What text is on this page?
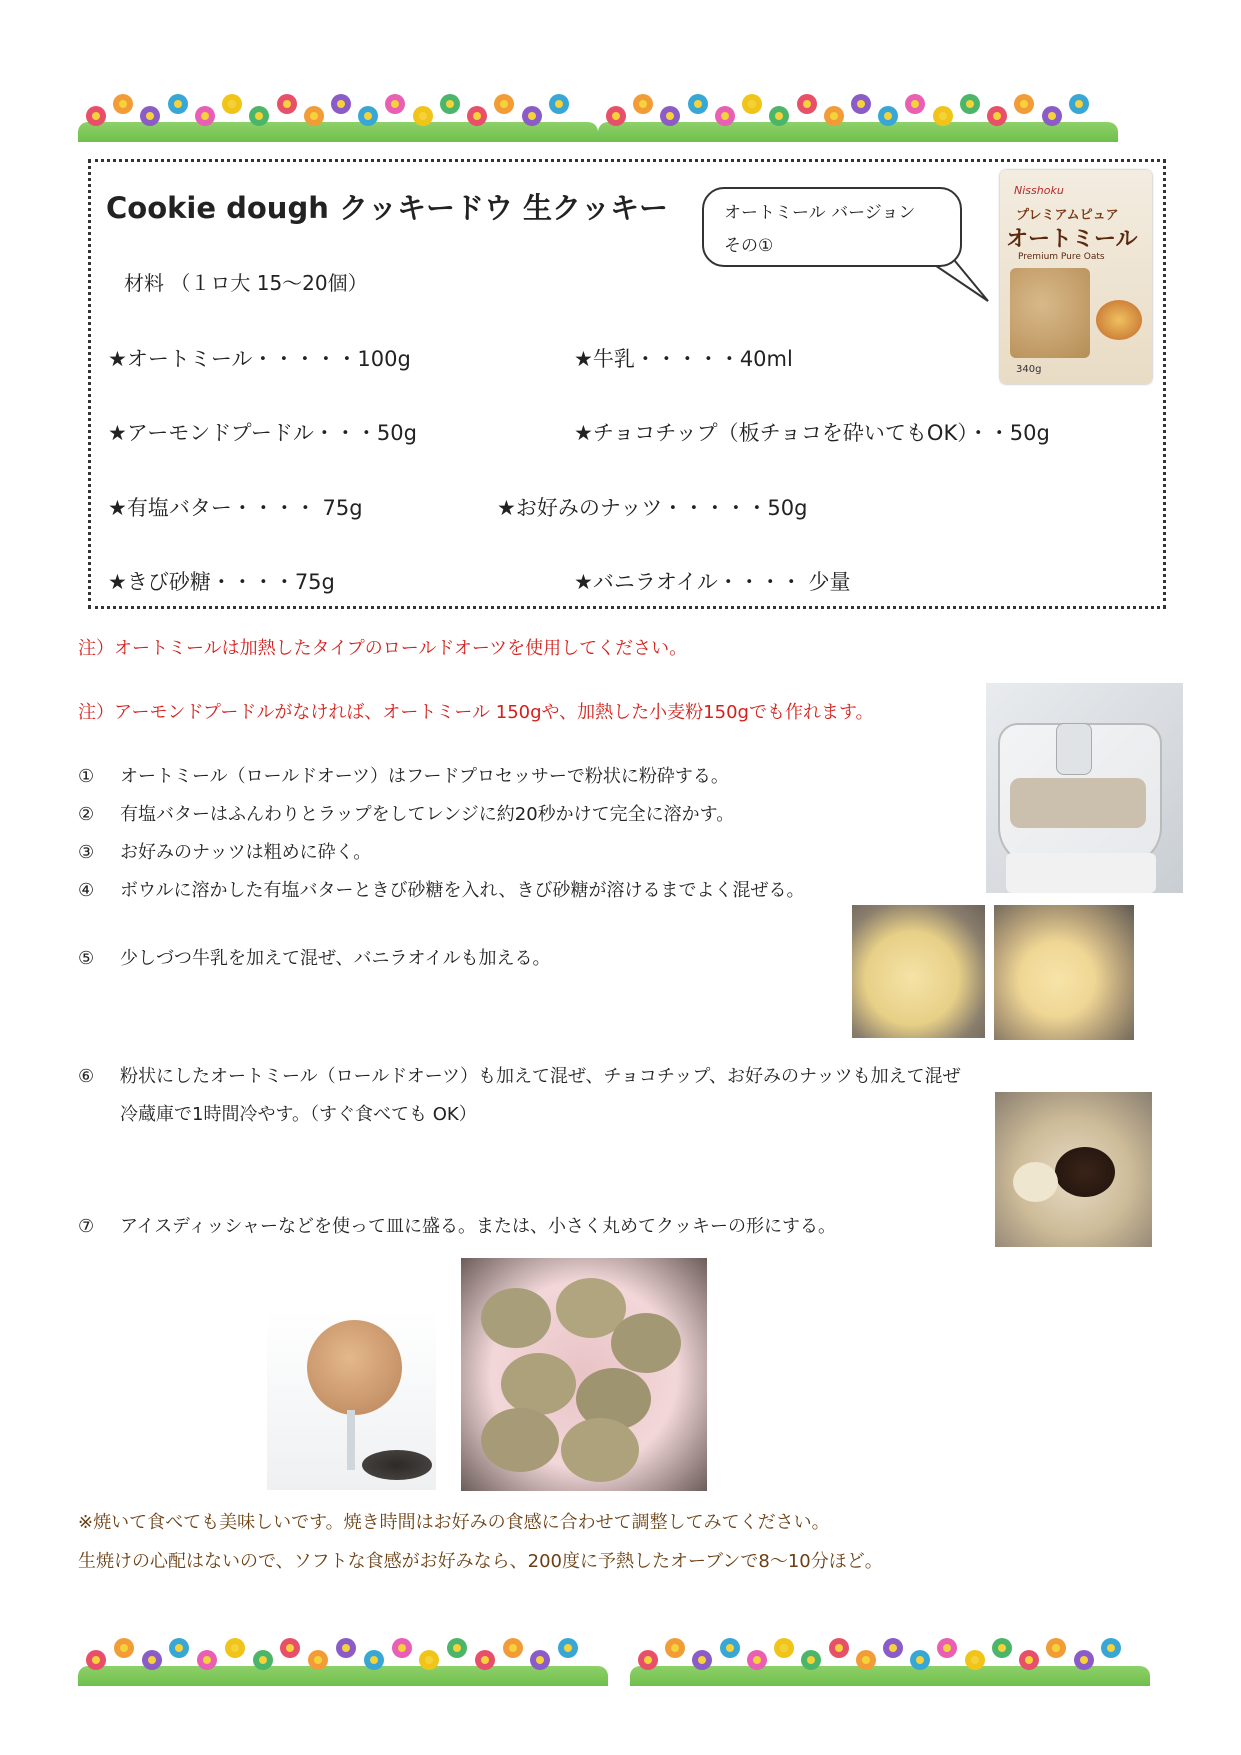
Cookie dough クッキードウ 生クッキー	オートミール バージョン
その①
Nisshoku
プレミアムピュア
オートミール
Premium Pure Oats
340g
材料 （１ロ大 15～20個）
★オートミール・・・・・100g	★牛乳・・・・・40ml
★アーモンドプードル・・・50g	★チョコチップ（板チョコを砕いてもOK）・・50g
★有塩バター・・・・ 75g	★お好みのナッツ・・・・・50g
★きび砂糖・・・・75g	★バニラオイル・・・・ 少量
注）オートミールは加熱したタイプのロールドオーツを使用してください。
注）アーモンドプードルがなければ、オートミール 150gや、加熱した小麦粉150gでも作れます。
① オートミール（ロールドオーツ）はフードプロセッサーで粉状に粉砕する。
② 有塩バターはふんわりとラップをしてレンジに約20秒かけて完全に溶かす。
③ お好みのナッツは粗めに砕く。
④ ボウルに溶かした有塩バターときび砂糖を入れ、きび砂糖が溶けるまでよく混ぜる。
⑤ 少しづつ牛乳を加えて混ぜ、バニラオイルも加える。
⑥ 粉状にしたオートミール（ロールドオーツ）も加えて混ぜ、チョコチップ、お好みのナッツも加えて混ぜ
冷蔵庫で1時間冷やす。（すぐ食べても OK）
⑦ アイスディッシャーなどを使って皿に盛る。または、小さく丸めてクッキーの形にする。
※焼いて食べても美味しいです。焼き時間はお好みの食感に合わせて調整してみてください。
生焼けの心配はないので、ソフトな食感がお好みなら、200度に予熱したオーブンで8～10分ほど。
